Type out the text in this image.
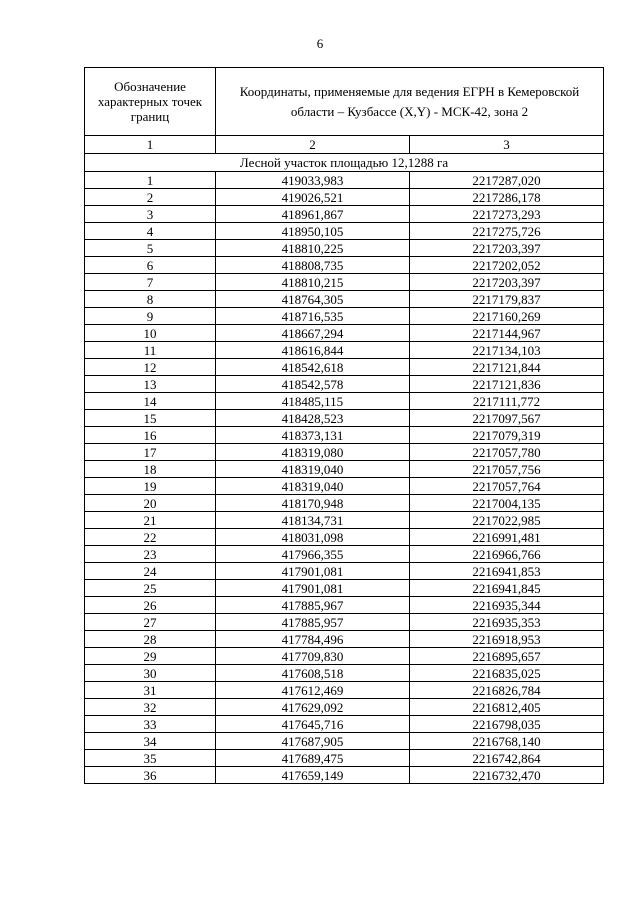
6
Обозначение характерных точек границ	Координаты, применяемые для ведения ЕГРН в Кемеровской области – Кузбассе (X,Y) - МСК-42, зона 2	
1	2	3
Лесной участок площадью 12,1288 га		
1	419033,983	2217287,020
2	419026,521	2217286,178
3	418961,867	2217273,293
4	418950,105	2217275,726
5	418810,225	2217203,397
6	418808,735	2217202,052
7	418810,215	2217203,397
8	418764,305	2217179,837
9	418716,535	2217160,269
10	418667,294	2217144,967
11	418616,844	2217134,103
12	418542,618	2217121,844
13	418542,578	2217121,836
14	418485,115	2217111,772
15	418428,523	2217097,567
16	418373,131	2217079,319
17	418319,080	2217057,780
18	418319,040	2217057,756
19	418319,040	2217057,764
20	418170,948	2217004,135
21	418134,731	2217022,985
22	418031,098	2216991,481
23	417966,355	2216966,766
24	417901,081	2216941,853
25	417901,081	2216941,845
26	417885,967	2216935,344
27	417885,957	2216935,353
28	417784,496	2216918,953
29	417709,830	2216895,657
30	417608,518	2216835,025
31	417612,469	2216826,784
32	417629,092	2216812,405
33	417645,716	2216798,035
34	417687,905	2216768,140
35	417689,475	2216742,864
36	417659,149	2216732,470
